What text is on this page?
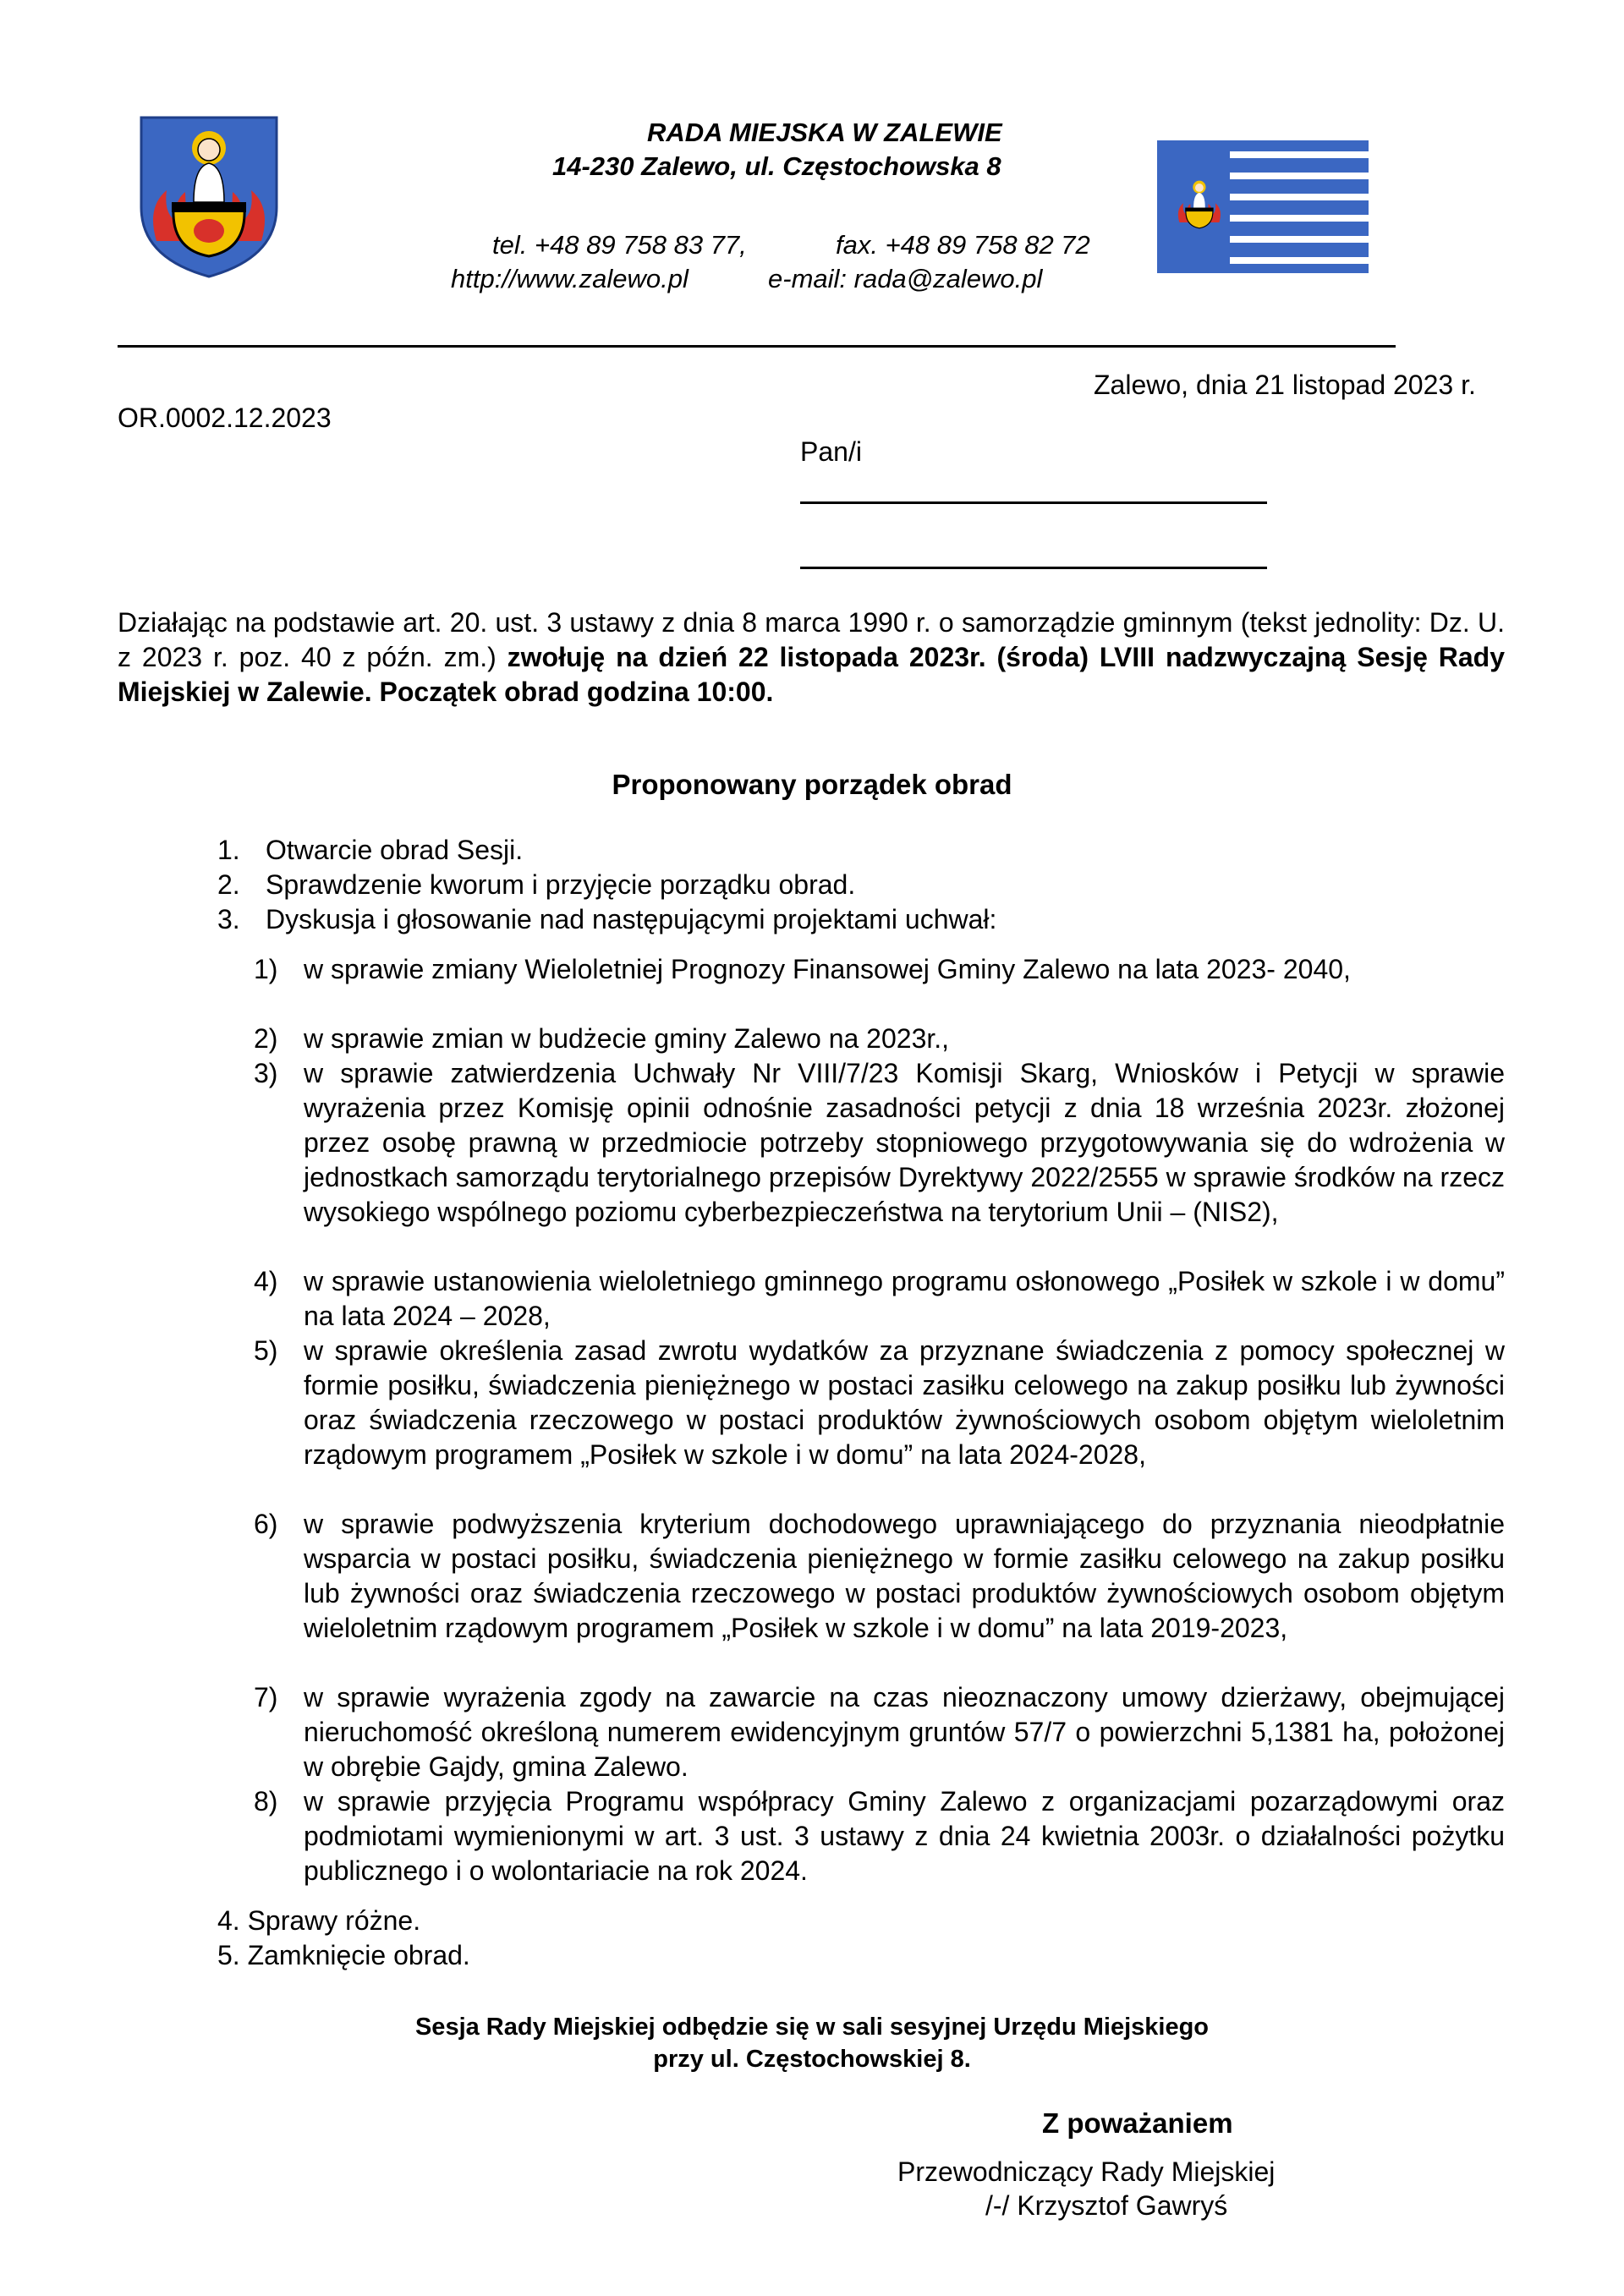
RADA MIEJSKA W ZALEWIE
14-230 Zalewo, ul. Częstochowska 8
tel. +48 89 758 83 77,	fax. +48 89 758 82 72
http://www.zalewo.pl	e-mail: rada@zalewo.pl
Zalewo, dnia 21 listopad 2023 r.
OR.0002.12.2023
Pan/i
Działając na podstawie art. 20. ust. 3 ustawy z dnia 8 marca 1990 r. o samorządzie gminnym (tekst jednolity: Dz. U. z 2023 r. poz. 40 z późn. zm.) zwołuję na dzień 22 listopada 2023r. (środa) LVIII nadzwyczajną Sesję Rady Miejskiej w Zalewie. Początek obrad godzina 10:00.
Proponowany porządek obrad
1. Otwarcie obrad Sesji.
2. Sprawdzenie kworum i przyjęcie porządku obrad.
3. Dyskusja i głosowanie nad następującymi projektami uchwał:
1) w sprawie zmiany Wieloletniej Prognozy Finansowej Gminy Zalewo na lata 2023- 2040,
2) w sprawie zmian w budżecie gminy Zalewo na 2023r.,
3) w sprawie zatwierdzenia Uchwały Nr VIII/7/23 Komisji Skarg, Wniosków i Petycji w sprawie wyrażenia przez Komisję opinii odnośnie zasadności petycji z dnia 18 września 2023r. złożonej przez osobę prawną w przedmiocie potrzeby stopniowego przygotowywania się do wdrożenia w jednostkach samorządu terytorialnego przepisów Dyrektywy 2022/2555 w sprawie środków na rzecz wysokiego wspólnego poziomu cyberbezpieczeństwa na terytorium Unii – (NIS2),
4) w sprawie ustanowienia wieloletniego gminnego programu osłonowego „Posiłek w szkole i w domu” na lata 2024 – 2028,
5) w sprawie określenia zasad zwrotu wydatków za przyznane świadczenia z pomocy społecznej w formie posiłku, świadczenia pieniężnego w postaci zasiłku celowego na zakup posiłku lub żywności oraz świadczenia rzeczowego w postaci produktów żywnościowych osobom objętym wieloletnim rządowym programem „Posiłek w szkole i w domu” na lata 2024-2028,
6) w sprawie podwyższenia kryterium dochodowego uprawniającego do przyznania nieodpłatnie wsparcia w postaci posiłku, świadczenia pieniężnego w formie zasiłku celowego na zakup posiłku lub żywności oraz świadczenia rzeczowego w postaci produktów żywnościowych osobom objętym wieloletnim rządowym programem „Posiłek w szkole i w domu” na lata 2019-2023,
7) w sprawie wyrażenia zgody na zawarcie na czas nieoznaczony umowy dzierżawy, obejmującej nieruchomość określoną numerem ewidencyjnym gruntów 57/7 o powierzchni 5,1381 ha, położonej w obrębie Gajdy, gmina Zalewo.
8) w sprawie przyjęcia Programu współpracy Gminy Zalewo z organizacjami pozarządowymi oraz podmiotami wymienionymi w art. 3 ust. 3 ustawy z dnia 24 kwietnia 2003r. o działalności pożytku publicznego i o wolontariacie na rok 2024.
4. Sprawy różne.
5. Zamknięcie obrad.
Sesja Rady Miejskiej odbędzie się w sali sesyjnej Urzędu Miejskiego
przy ul. Częstochowskiej 8.
Z poważaniem
Przewodniczący Rady Miejskiej
/-/ Krzysztof Gawryś
